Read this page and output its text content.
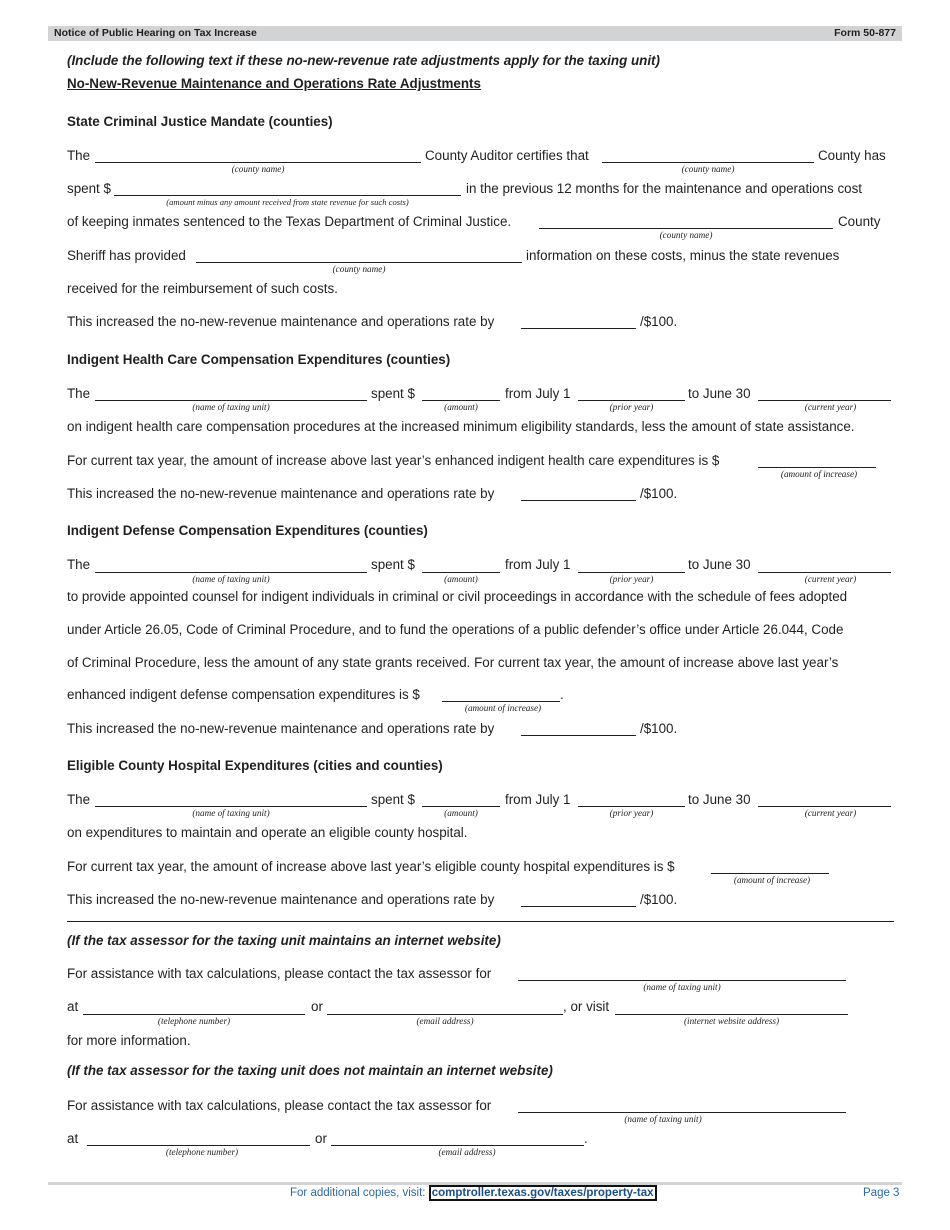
Notice of Public Hearing on Tax Increase	Form 50-877
(Include the following text if these no-new-revenue rate adjustments apply for the taxing unit)
No-New-Revenue Maintenance and Operations Rate Adjustments
State Criminal Justice Mandate (counties)
The
(county name)
County Auditor certifies that
(county name)
County has
spent $
(amount minus any amount received from state revenue for such costs)
in the previous 12 months for the maintenance and operations cost
of keeping inmates sentenced to the Texas Department of Criminal Justice.
(county name)
County
Sheriff has provided
(county name)
information on these costs, minus the state revenues
received for the reimbursement of such costs.
This increased the no-new-revenue maintenance and operations rate by	/$100.
Indigent Health Care Compensation Expenditures (counties)
The
(name of taxing unit)
spent $
(amount)
from July 1
(prior year)
to June 30
(current year)
on indigent health care compensation procedures at the increased minimum eligibility standards, less the amount of state assistance.
For current tax year, the amount of increase above last year’s enhanced indigent health care expenditures is $
(amount of increase)
This increased the no-new-revenue maintenance and operations rate by	/$100.
Indigent Defense Compensation Expenditures (counties)
The
(name of taxing unit)
spent $
(amount)
from July 1
(prior year)
to June 30
(current year)
to provide appointed counsel for indigent individuals in criminal or civil proceedings in accordance with the schedule of fees adopted
under Article 26.05, Code of Criminal Procedure, and to fund the operations of a public defender’s office under Article 26.044, Code
of Criminal Procedure, less the amount of any state grants received. For current tax year, the amount of increase above last year’s
enhanced indigent defense compensation expenditures is $
(amount of increase)
.
This increased the no-new-revenue maintenance and operations rate by	/$100.
Eligible County Hospital Expenditures (cities and counties)
The
(name of taxing unit)
spent $
(amount)
from July 1
(prior year)
to June 30
(current year)
on expenditures to maintain and operate an eligible county hospital.
For current tax year, the amount of increase above last year’s eligible county hospital expenditures is $
(amount of increase)
This increased the no-new-revenue maintenance and operations rate by	/$100.
(If the tax assessor for the taxing unit maintains an internet website)
For assistance with tax calculations, please contact the tax assessor for
(name of taxing unit)
at
(telephone number)
or
(email address)
, or visit
(internet website address)
for more information.
(If the tax assessor for the taxing unit does not maintain an internet website)
For assistance with tax calculations, please contact the tax assessor for
(name of taxing unit)
at
(telephone number)
or
(email address)
.
For additional copies, visit: comptroller.texas.gov/taxes/property-tax	Page 3
